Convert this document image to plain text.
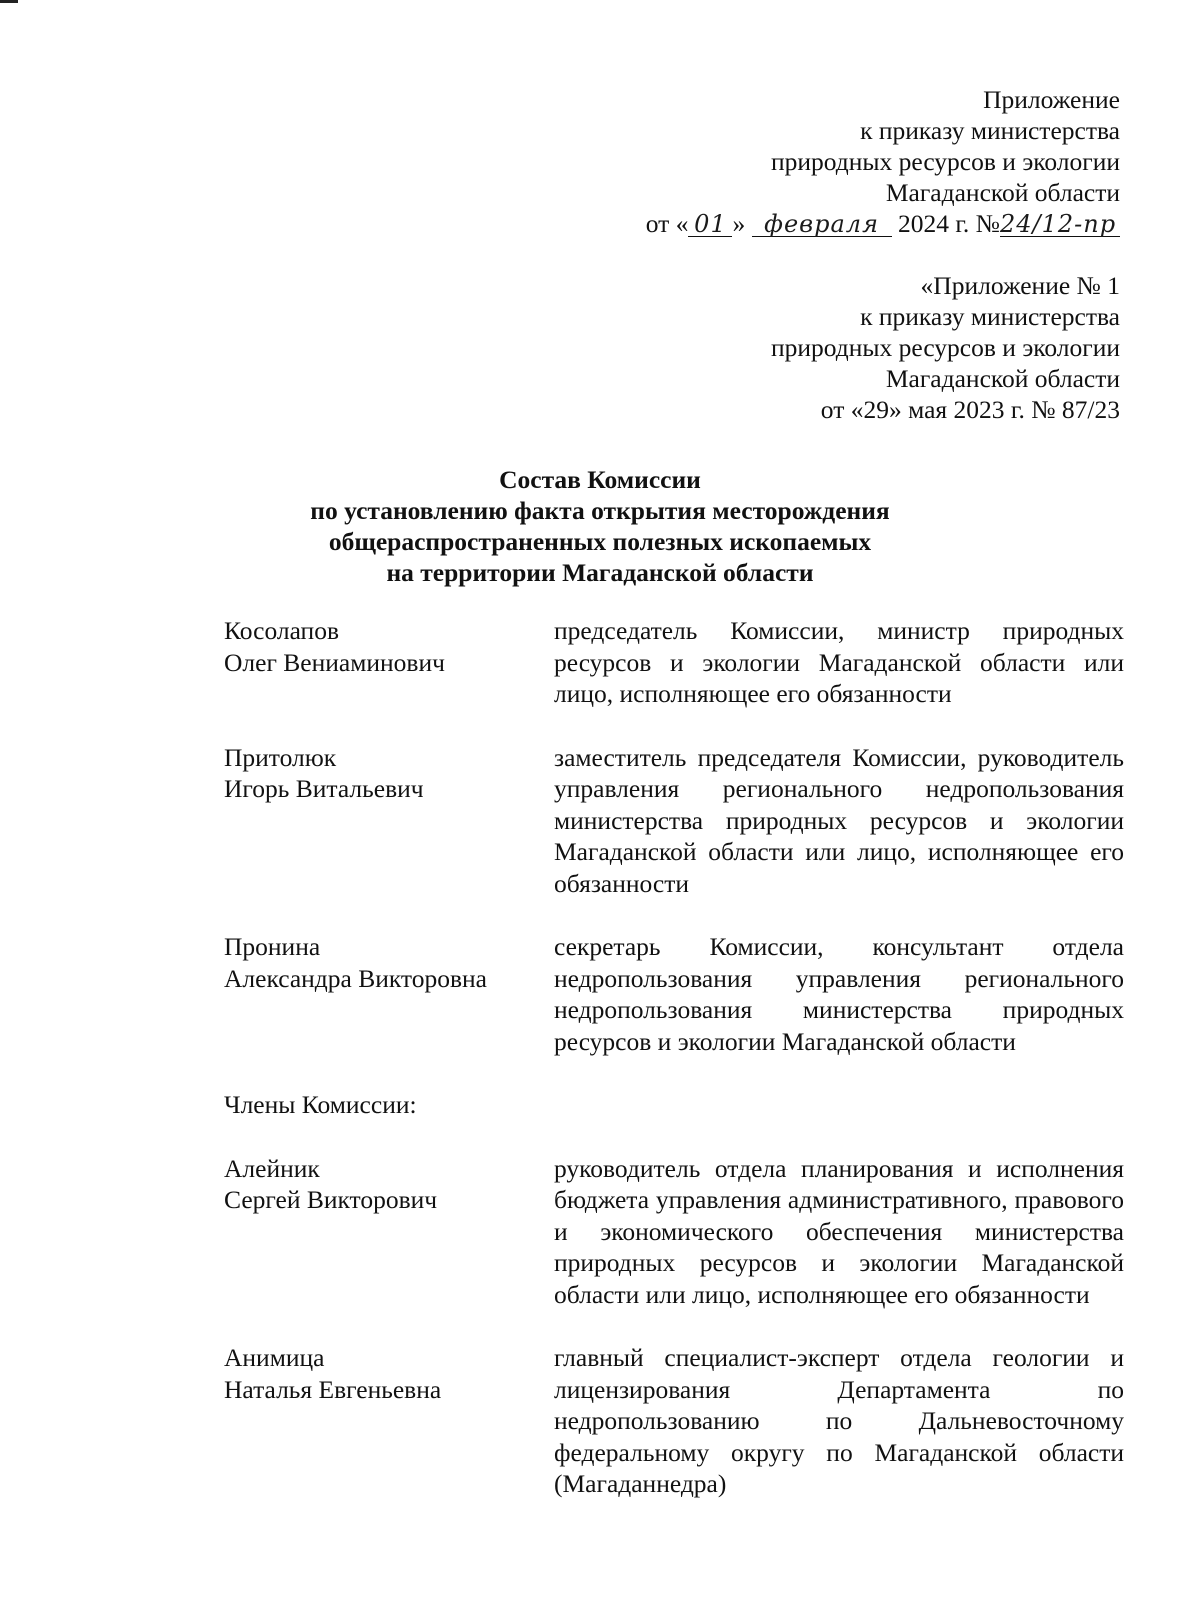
Приложение
к приказу министерства
природных ресурсов и экологии
Магаданской области
от « 01 » февраля 2024 г. №24/12-пр
«Приложение № 1
к приказу министерства
природных ресурсов и экологии
Магаданской области
от «29» мая 2023 г. № 87/23
Состав Комиссии
по установлению факта открытия месторождения
общераспространенных полезных ископаемых
на территории Магаданской области
Косолапов
Олег Вениаминович
председатель Комиссии, министр природных ресурсов и экологии Магаданской области или лицо, исполняющее его обязанности
Притолюк
Игорь Витальевич
заместитель председателя Комиссии, руководитель управления регионального недропользования министерства природных ресурсов и экологии Магаданской области или лицо, исполняющее его обязанности
Пронина
Александра Викторовна
секретарь Комиссии, консультант отдела недропользования управления регионального недропользования министерства природных ресурсов и экологии Магаданской области
Члены Комиссии:
Алейник
Сергей Викторович
руководитель отдела планирования и исполнения бюджета управления административного, правового и экономического обеспечения министерства природных ресурсов и экологии Магаданской области или лицо, исполняющее его обязанности
Анимица
Наталья Евгеньевна
главный специалист-эксперт отдела геологии и лицензирования Департамента по недропользованию по Дальневосточному федеральному округу по Магаданской области (Магаданнедра)
